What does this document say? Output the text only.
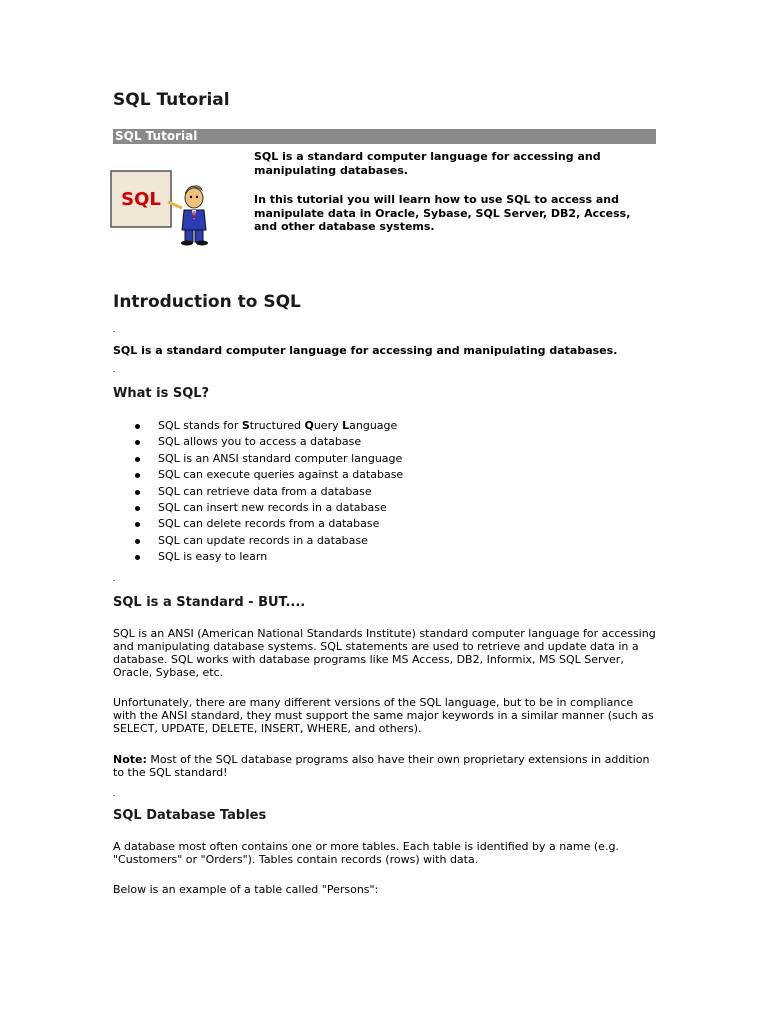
SQL Tutorial
SQL Tutorial
SQL

SQL is a standard computer language for accessing and manipulating databases.

In this tutorial you will learn how to use SQL to access and manipulate data in Oracle, Sybase, SQL Server, DB2, Access, and other database systems.

Introduction to SQL

SQL is a standard computer language for accessing and manipulating databases.

What is SQL?
SQL stands for Structured Query Language
SQL allows you to access a database
SQL is an ANSI standard computer language
SQL can execute queries against a database
SQL can retrieve data from a database
SQL can insert new records in a database
SQL can delete records from a database
SQL can update records in a database
SQL is easy to learn
SQL is a Standard - BUT....

SQL is an ANSI (American National Standards Institute) standard computer language for accessing and manipulating database systems. SQL statements are used to retrieve and update data in a database. SQL works with database programs like MS Access, DB2, Informix, MS SQL Server, Oracle, Sybase, etc.

Unfortunately, there are many different versions of the SQL language, but to be in compliance with the ANSI standard, they must support the same major keywords in a similar manner (such as SELECT, UPDATE, DELETE, INSERT, WHERE, and others).

Note: Most of the SQL database programs also have their own proprietary extensions in addition to the SQL standard!

SQL Database Tables

A database most often contains one or more tables. Each table is identified by a name (e.g. "Customers" or "Orders"). Tables contain records (rows) with data.

Below is an example of a table called "Persons":
